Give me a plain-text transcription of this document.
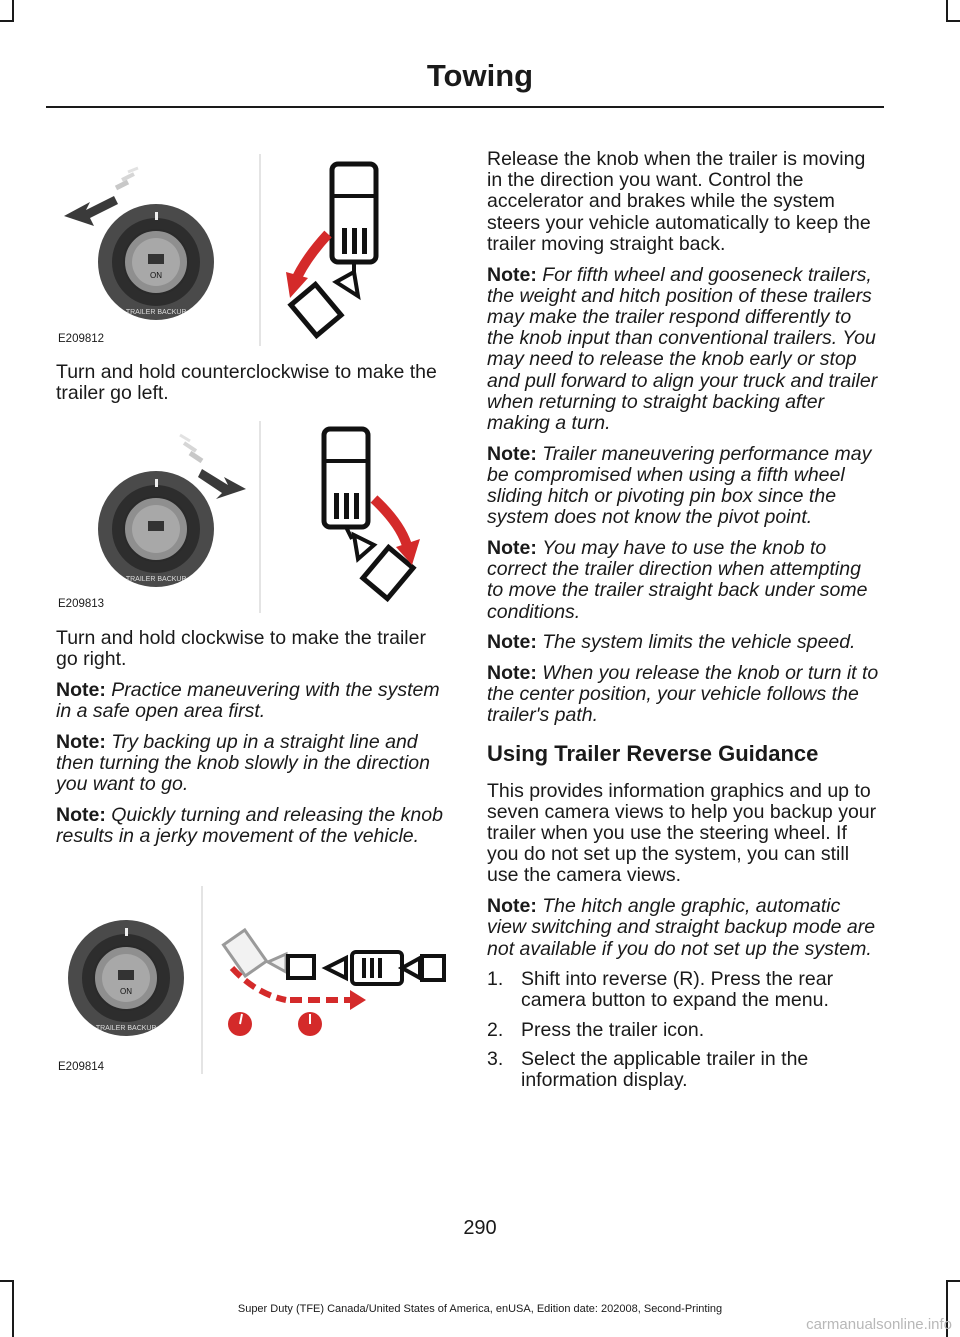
Towing
ON
TRAILER BACKUP
E209812

Turn and hold counterclockwise to make the trailer go left.

TRAILER BACKUP
E209813

Turn and hold clockwise to make the trailer go right.

Note: Practice maneuvering with the system in a safe open area first.

Note: Try backing up in a straight line and then turning the knob slowly in the direction you want to go.

Note: Quickly turning and releasing the knob results in a jerky movement of the vehicle.

ON
TRAILER BACKUP
E209814

Release the knob when the trailer is moving in the direction you want. Control the accelerator and brakes while the system steers your vehicle automatically to keep the trailer moving straight back.

Note: For fifth wheel and gooseneck trailers, the weight and hitch position of these trailers may make the trailer respond differently to the knob input than conventional trailers. You may need to release the knob early or stop and pull forward to align your truck and trailer when returning to straight backing after making a turn.

Note: Trailer maneuvering performance may be compromised when using a fifth wheel sliding hitch or pivoting pin box since the system does not know the pivot point.

Note: You may have to use the knob to correct the trailer direction when attempting to move the trailer straight back under some conditions.

Note: The system limits the vehicle speed.

Note: When you release the knob or turn it to the center position, your vehicle follows the trailer's path.

Using Trailer Reverse Guidance

This provides information graphics and up to seven camera views to help you backup your trailer when you use the steering wheel. If you do not set up the system, you can still use the camera views.

Note: The hitch angle graphic, automatic view switching and straight backup mode are not available if you do not set up the system.

1. Shift into reverse (R). Press the rear camera button to expand the menu.
2. Press the trailer icon.
3. Select the applicable trailer in the information display.
290
Super Duty (TFE) Canada/United States of America, enUSA, Edition date: 202008, Second-Printing
carmanualsonline.info
